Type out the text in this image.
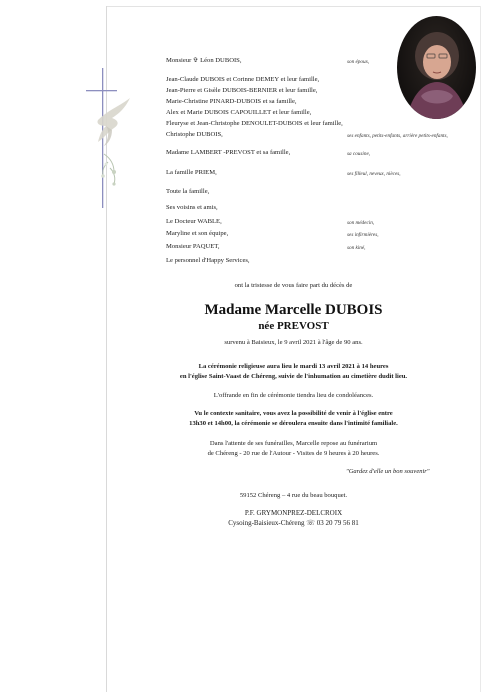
Monsieur ✞ Léon DUBOIS,	son époux,
Jean-Claude DUBOIS et Corinne DEMEY et leur famille,
Jean-Pierre et Gisèle DUBOIS-BERNIER et leur famille,
Marie-Christine PINARD-DUBOIS et sa famille,
Alex et Marie DUBOIS CAPOUILLET et leur famille,
Fleuryse et Jean-Christophe DENOULET-DUBOIS et leur famille,
Christophe DUBOIS,	ses enfants, petits-enfants, arrière petits-enfants,
Madame LAMBERT -PREVOST et sa famille,	sa cousine,
La famille PRIEM,	ses filleul, neveux, nièces,
Toute la famille,
Ses voisins et amis,
Le Docteur WABLE,	son médecin,
Maryline et son équipe,	ses infirmières,
Monsieur PAQUET,	son kiné,
Le personnel d'Happy Services,
ont la tristesse de vous faire part du décès de
Madame Marcelle DUBOIS
née PREVOST
survenu à Baisieux, le 9 avril 2021 à l'âge de 90 ans.
La cérémonie religieuse aura lieu le mardi 13 avril 2021 à 14 heures
en l'église Saint-Vaast de Chéreng, suivie de l'inhumation au cimetière dudit lieu.
L'offrande en fin de cérémonie tiendra lieu de condoléances.
Vu le contexte sanitaire, vous avez la possibilité de venir à l'église entre
13h30 et 14h00, la cérémonie se déroulera ensuite dans l'intimité familiale.
Dans l'attente de ses funérailles, Marcelle repose au funérarium
de Chéreng - 20 rue de l'Autour - Visites de 9 heures à 20 heures.
"Gardez d'elle un bon souvenir"
59152 Chéreng – 4 rue du beau bouquet.
P.F. GRYMONPREZ-DELCROIX
Cysoing-Baisieux-Chéreng ☏ 03 20 79 56 81
